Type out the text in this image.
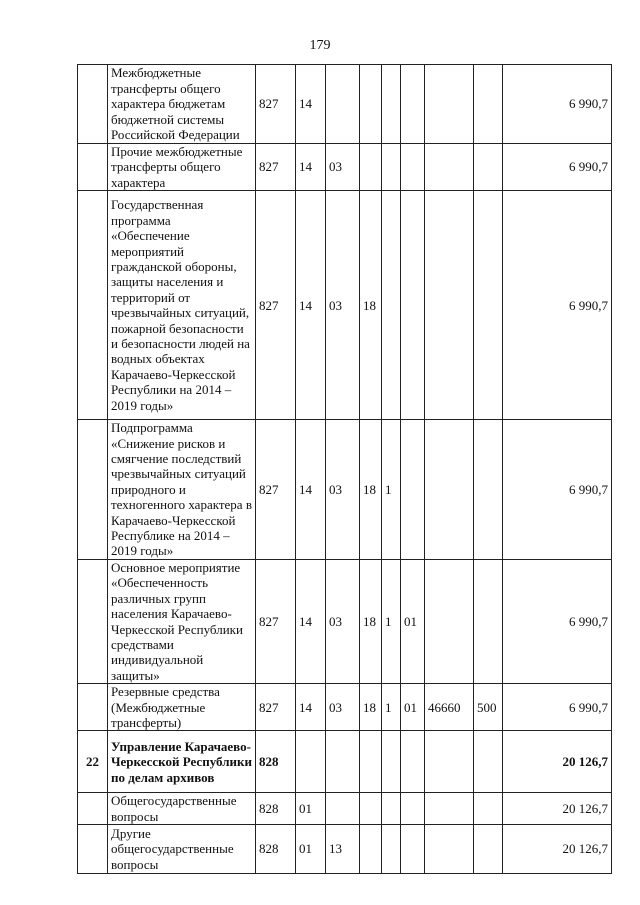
179
	Межбюджетные трансферты общего характера бюджетам бюджетной системы Российской Федерации	827	14							6 990,7
	Прочие межбюджетные трансферты общего характера	827	14	03						6 990,7
	Государственная программа «Обеспечение мероприятий гражданской обороны, защиты населения и территорий от чрезвычайных ситуаций, пожарной безопасности и безопасности людей на водных объектах Карачаево-Черкесской Республики на 2014 – 2019 годы»	827	14	03	18					6 990,7
	Подпрограмма «Снижение рисков и смягчение последствий чрезвычайных ситуаций природного и техногенного характера в Карачаево-Черкесской Республике на 2014 – 2019 годы»	827	14	03	18	1				6 990,7
	Основное мероприятие «Обеспеченность различных групп населения Карачаево-Черкесской Республики средствами индивидуальной защиты»	827	14	03	18	1	01			6 990,7
	Резервные средства (Межбюджетные трансферты)	827	14	03	18	1	01	46660	500	6 990,7
22	Управление Карачаево-Черкесской Республики по делам архивов	828								20 126,7
	Общегосударственные вопросы	828	01							20 126,7
	Другие общегосударственные вопросы	828	01	13						20 126,7
